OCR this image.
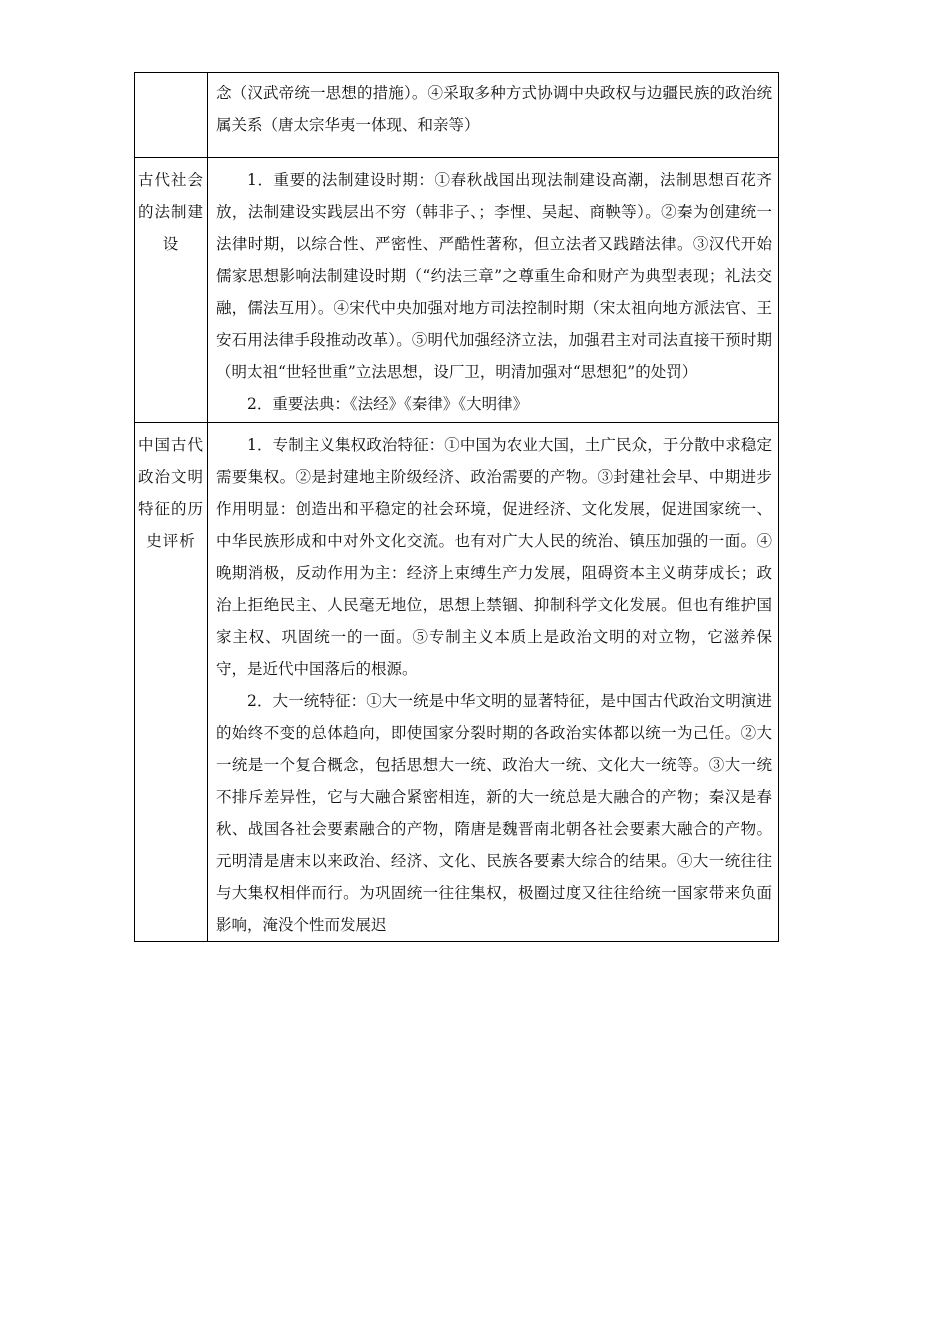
	念（汉武帝统一思想的措施）。④采取多种方式协调中央政权与边疆民族的政治统属关系（唐太宗华夷一体现、和亲等）

古代社会的法制建设	1．重要的法制建设时期：①春秋战国出现法制建设高潮，法制思想百花齐放，法制建设实践层出不穷（韩非子、；李悝、吴起、商鞅等）。②秦为创建统一法律时期，以综合性、严密性、严酷性著称，但立法者又践踏法律。③汉代开始儒家思想影响法制建设时期（“约法三章”之尊重生命和财产为典型表现；礼法交融，儒法互用）。④宋代中央加强对地方司法控制时期（宋太祖向地方派法官、王安石用法律手段推动改革）。⑤明代加强经济立法，加强君主对司法直接干预时期（明太祖“世轻世重”立法思想，设厂卫，明清加强对“思想犯”的处罚）

2．重要法典：《法经》《秦律》《大明律》

中国古代政治文明特征的历史评析	1．专制主义集权政治特征：①中国为农业大国，土广民众，于分散中求稳定需要集权。②是封建地主阶级经济、政治需要的产物。③封建社会早、中期进步作用明显：创造出和平稳定的社会环境，促进经济、文化发展，促进国家统一、中华民族形成和中对外文化交流。也有对广大人民的统治、镇压加强的一面。④晚期消极，反动作用为主：经济上束缚生产力发展，阻碍资本主义萌芽成长；政治上拒绝民主、人民毫无地位，思想上禁锢、抑制科学文化发展。但也有维护国家主权、巩固统一的一面。⑤专制主义本质上是政治文明的对立物，它滋养保守，是近代中国落后的根源。

2．大一统特征：①大一统是中华文明的显著特征，是中国古代政治文明演进的始终不变的总体趋向，即使国家分裂时期的各政治实体都以统一为己任。②大一统是一个复合概念，包括思想大一统、政治大一统、文化大一统等。③大一统不排斥差异性，它与大融合紧密相连，新的大一统总是大融合的产物；秦汉是春秋、战国各社会要素融合的产物，隋唐是魏晋南北朝各社会要素大融合的产物。元明清是唐末以来政治、经济、文化、民族各要素大综合的结果。④大一统往往与大集权相伴而行。为巩固统一往往集权，极圈过度又往往给统一国家带来负面影响，淹没个性而发展迟
